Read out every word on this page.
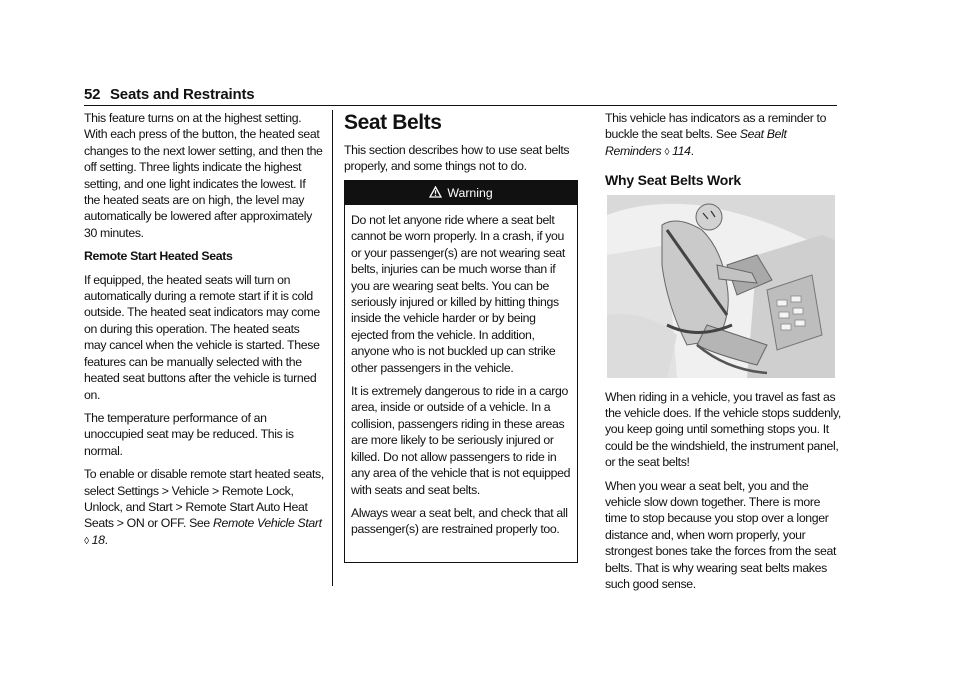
52 Seats and Restraints

This feature turns on at the highest setting. With each press of the button, the heated seat changes to the next lower setting, and then the off setting. Three lights indicate the highest setting, and one light indicates the lowest. If the heated seats are on high, the level may automatically be lowered after approximately 30 minutes.

Remote Start Heated Seats

If equipped, the heated seats will turn on automatically during a remote start if it is cold outside. The heated seat indicators may come on during this operation. The heated seats may cancel when the vehicle is started. These features can be manually selected with the heated seat buttons after the vehicle is turned on.

The temperature performance of an unoccupied seat may be reduced. This is normal.

To enable or disable remote start heated seats, select Settings > Vehicle > Remote Lock, Unlock, and Start > Remote Start Auto Heat Seats > ON or OFF. See Remote Vehicle Start ◊ 18.

Seat Belts

This section describes how to use seat belts properly, and some things not to do.

Warning

Do not let anyone ride where a seat belt cannot be worn properly. In a crash, if you or your passenger(s) are not wearing seat belts, injuries can be much worse than if you are wearing seat belts. You can be seriously injured or killed by hitting things inside the vehicle harder or by being ejected from the vehicle. In addition, anyone who is not buckled up can strike other passengers in the vehicle.

It is extremely dangerous to ride in a cargo area, inside or outside of a vehicle. In a collision, passengers riding in these areas are more likely to be seriously injured or killed. Do not allow passengers to ride in any area of the vehicle that is not equipped with seats and seat belts.

Always wear a seat belt, and check that all passenger(s) are restrained properly too.

This vehicle has indicators as a reminder to buckle the seat belts. See Seat Belt Reminders ◊ 114.

Why Seat Belts Work

When riding in a vehicle, you travel as fast as the vehicle does. If the vehicle stops suddenly, you keep going until something stops you. It could be the windshield, the instrument panel, or the seat belts!

When you wear a seat belt, you and the vehicle slow down together. There is more time to stop because you stop over a longer distance and, when worn properly, your strongest bones take the forces from the seat belts. That is why wearing seat belts makes such good sense.
